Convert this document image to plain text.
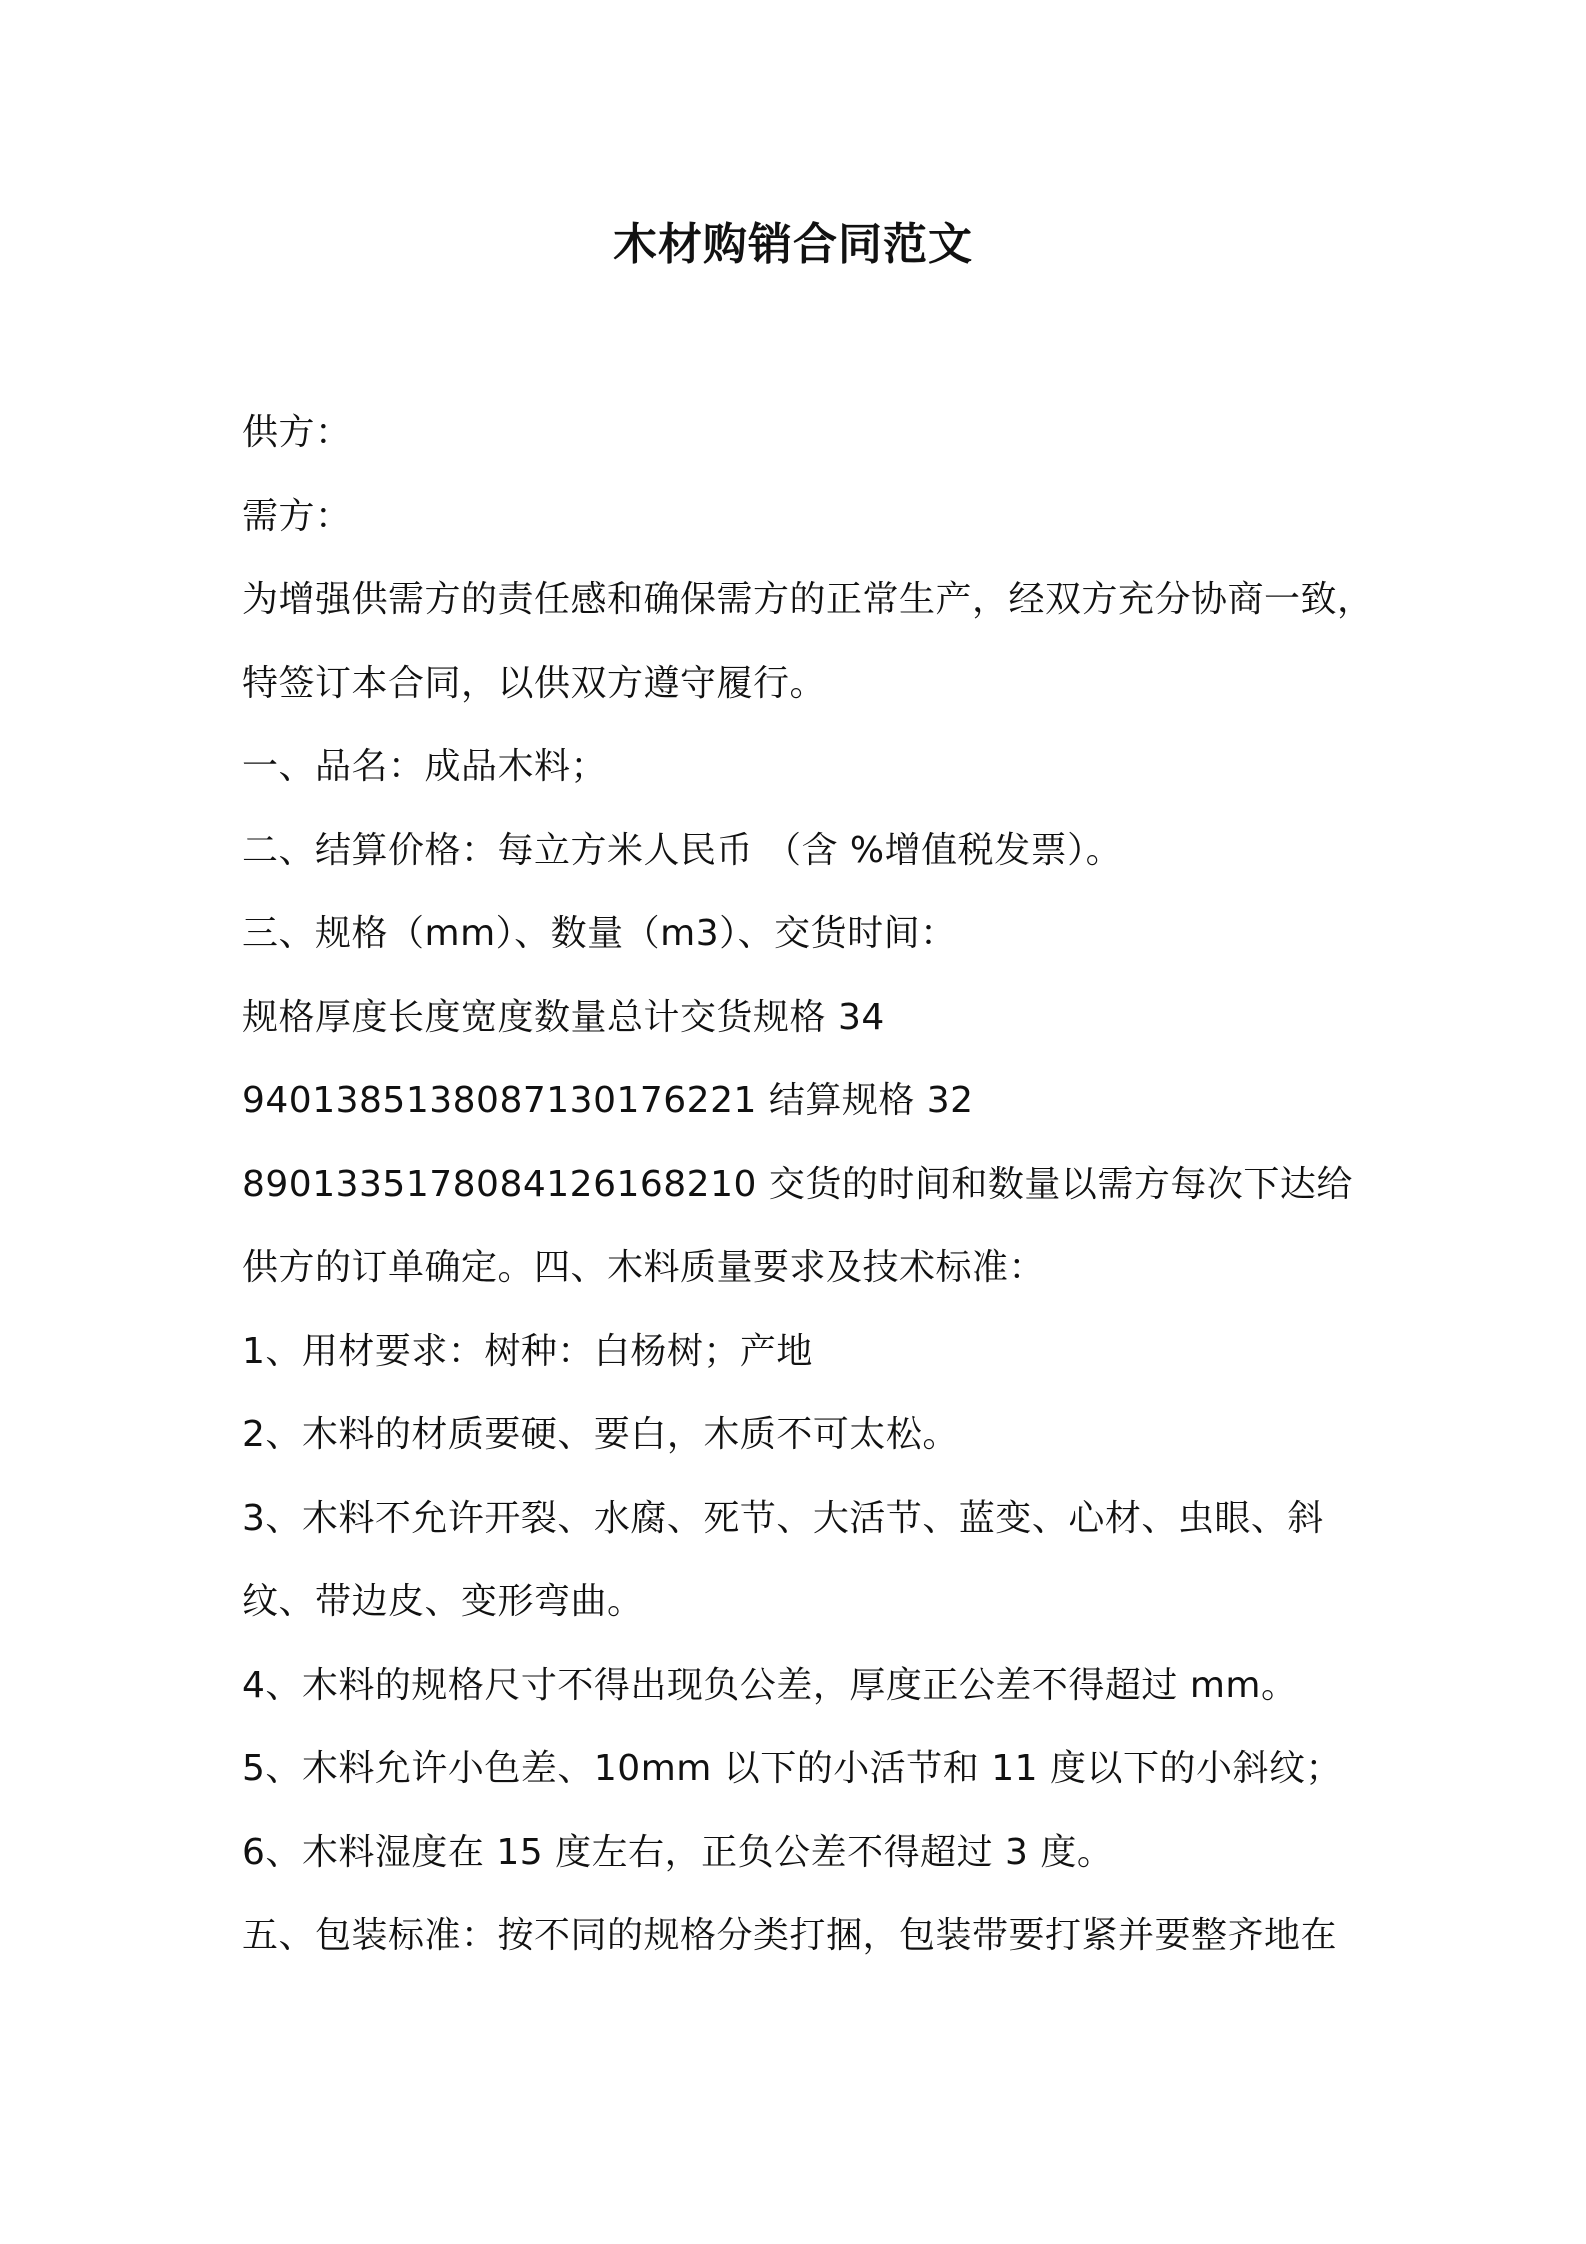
木材购销合同范文
供方：
需方：
为增强供需方的责任感和确保需方的正常生产，经双方充分协商一致，
特签订本合同，以供双方遵守履行。
一、品名：成品木料；
二、结算价格：每立方米人民币 （含 %增值税发票）。
三、规格（mm）、数量（m3）、交货时间：
规格厚度长度宽度数量总计交货规格 34
9401385138087130176221 结算规格 32
8901335178084126168210 交货的时间和数量以需方每次下达给
供方的订单确定。四、木料质量要求及技术标准：
1、用材要求：树种：白杨树；产地
2、木料的材质要硬、要白，木质不可太松。
3、木料不允许开裂、水腐、死节、大活节、蓝变、心材、虫眼、斜
纹、带边皮、变形弯曲。
4、木料的规格尺寸不得出现负公差，厚度正公差不得超过 mm。
5、木料允许小色差、10mm 以下的小活节和 11 度以下的小斜纹；
6、木料湿度在 15 度左右，正负公差不得超过 3 度。
五、包装标准：按不同的规格分类打捆，包装带要打紧并要整齐地在
